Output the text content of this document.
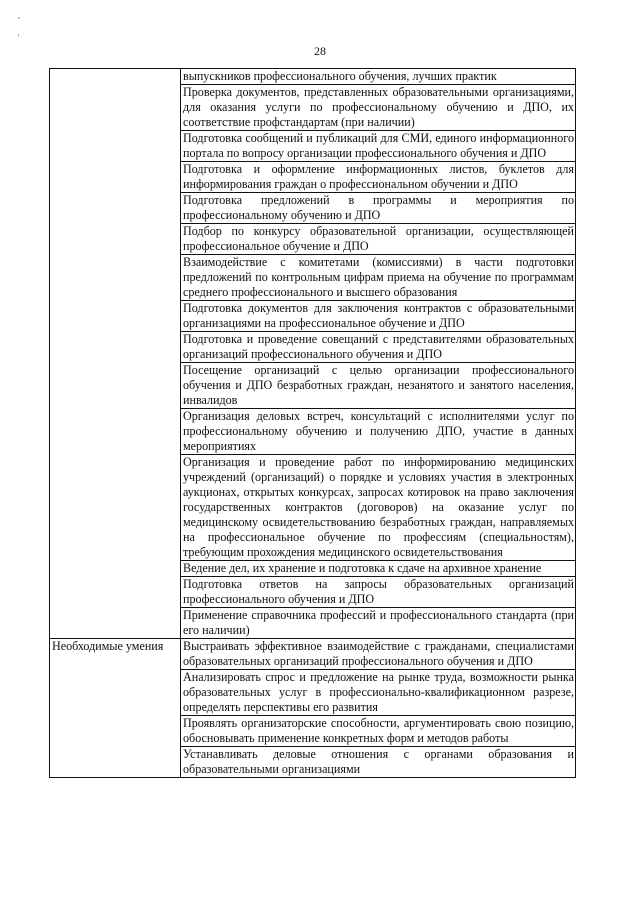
28
,
'
	выпускников профессионального обучения, лучших практик
	Проверка документов, представленных образовательными организациями, для оказания услуги по профессиональному обучению и ДПО, их соответствие профстандартам (при наличии)
	Подготовка сообщений и публикаций для СМИ, единого информационного портала по вопросу организации профессионального обучения и ДПО
	Подготовка и оформление информационных листов, буклетов для информирования граждан о профессиональном обучении и ДПО
	Подготовка предложений в программы и мероприятия по профессиональному обучению и ДПО
	Подбор по конкурсу образовательной организации, осуществляющей профессиональное обучение и ДПО
	Взаимодействие с комитетами (комиссиями) в части подготовки предложений по контрольным цифрам приема на обучение по программам среднего профессионального и высшего образования
	Подготовка документов для заключения контрактов с образовательными организациями на профессиональное обучение и ДПО
	Подготовка и проведение совещаний с представителями образовательных организаций профессионального обучения и ДПО
	Посещение организаций с целью организации профессионального обучения и ДПО безработных граждан, незанятого и занятого населения, инвалидов
	Организация деловых встреч, консультаций с исполнителями услуг по профессиональному обучению и получению ДПО, участие в данных мероприятиях
	Организация и проведение работ по информированию медицинских учреждений (организаций) о порядке и условиях участия в электронных аукционах, открытых конкурсах, запросах котировок на право заключения государственных контрактов (договоров) на оказание услуг по медицинскому освидетельствованию безработных граждан, направляемых на профессиональное обучение по профессиям (специальностям), требующим прохождения медицинского освидетельствования
	Ведение дел, их хранение и подготовка к сдаче на архивное хранение
	Подготовка ответов на запросы образовательных организаций профессионального обучения и ДПО
	Применение справочника профессий и профессионального стандарта (при его наличии)
Необходимые умения	Выстраивать эффективное взаимодействие с гражданами, специалистами образовательных организаций профессионального обучения и ДПО
	Анализировать спрос и предложение на рынке труда, возможности рынка образовательных услуг в профессионально-квалификационном разрезе, определять перспективы его развития
	Проявлять организаторские способности, аргументировать свою позицию, обосновывать применение конкретных форм и методов работы
	Устанавливать деловые отношения с органами образования и образовательными организациями
